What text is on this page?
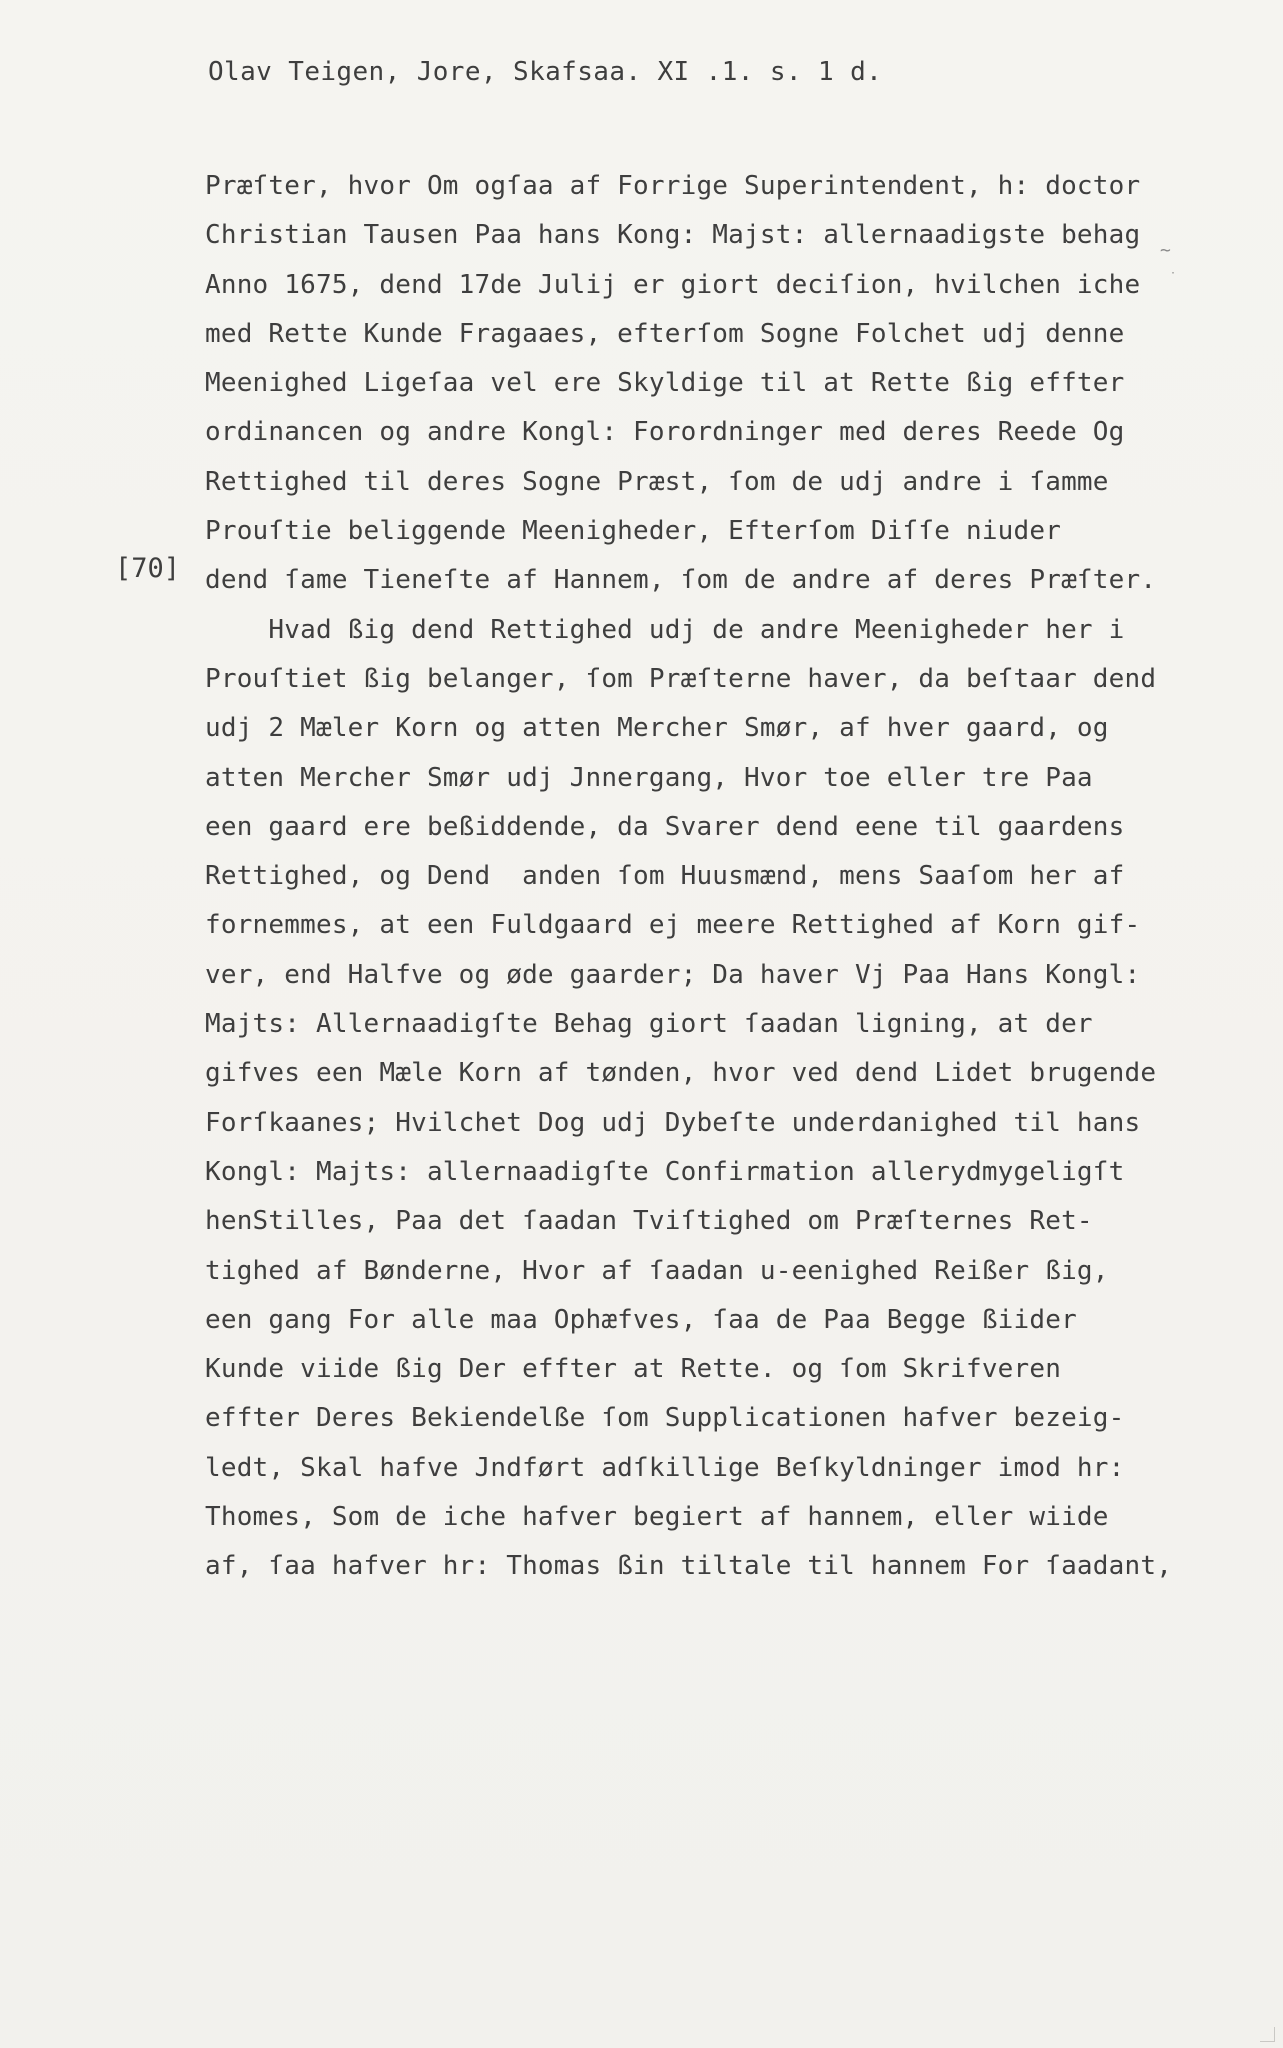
Olav Teigen, Jore, Skafsaa. XI .1. s. 1 d.
[70]
Præſter, hvor Om ogſaa af Forrige Superintendent, h: doctor
Christian Tausen Paa hans Kong: Majst: allernaadigste behag
Anno 1675, dend 17de Julij er giort deciſion, hvilchen iche
med Rette Kunde Fragaaes, efterſom Sogne Folchet udj denne
Meenighed Ligeſaa vel ere Skyldige til at Rette ßig effter
ordinancen og andre Kongl: Forordninger med deres Reede Og
Rettighed til deres Sogne Præst, ſom de udj andre i ſamme
Prouſtie beliggende Meenigheder, Efterſom Diſſe niuder
dend ſame Tieneſte af Hannem, ſom de andre af deres Præſter.
Hvad ßig dend Rettighed udj de andre Meenigheder her i
Prouſtiet ßig belanger, ſom Præſterne haver, da beſtaar dend
udj 2 Mæler Korn og atten Mercher Smør, af hver gaard, og
atten Mercher Smør udj Jnnergang, Hvor toe eller tre Paa
een gaard ere beßiddende, da Svarer dend eene til gaardens
Rettighed, og Dend  anden ſom Huusmænd, mens Saaſom her af
fornemmes, at een Fuldgaard ej meere Rettighed af Korn gif-
ver, end Halfve og øde gaarder; Da haver Vj Paa Hans Kongl:
Majts: Allernaadigſte Behag giort ſaadan ligning, at der
gifves een Mæle Korn af tønden, hvor ved dend Lidet brugende
Forſkaanes; Hvilchet Dog udj Dybeſte underdanighed til hans
Kongl: Majts: allernaadigſte Confirmation allerydmygeligſt
henStilles, Paa det ſaadan Tviſtighed om Præſternes Ret-
tighed af Bønderne, Hvor af ſaadan u-eenighed Reißer ßig,
een gang For alle maa Ophæfves, ſaa de Paa Begge ßiider
Kunde viide ßig Der effter at Rette. og ſom Skrifveren
effter Deres Bekiendelße ſom Supplicationen hafver bezeig-
ledt, Skal hafve Jndført adſkillige Beſkyldninger imod hr:
Thomes, Som de iche hafver begiert af hannem, eller wiide
af, ſaa hafver hr: Thomas ßin tiltale til hannem For ſaadant,
~
·
